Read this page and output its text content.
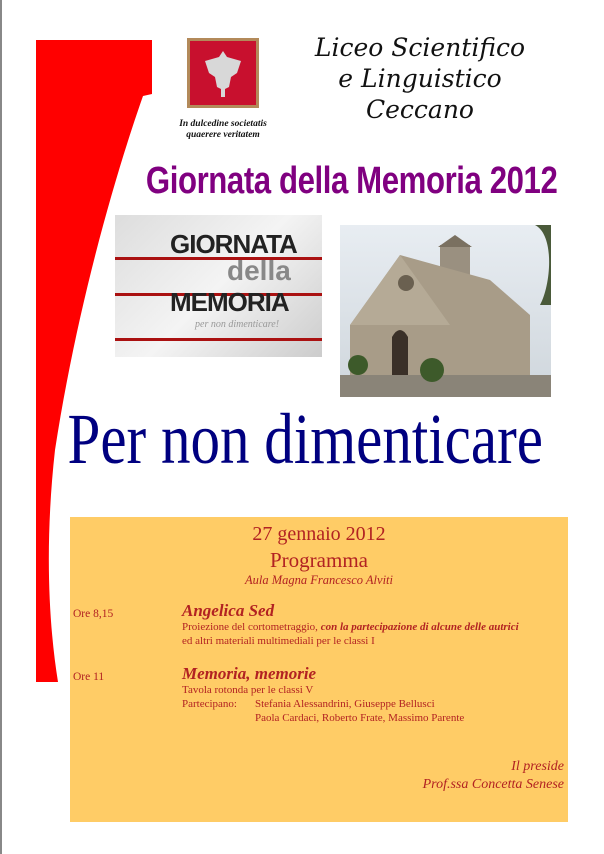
In dulcedine societatis
quaerere veritatem
Liceo Scientifico
e Linguistico
Ceccano
Giornata della Memoria 2012
GIORNATA
della
MEMORIA
per non dimenticare!
Per non dimenticare
27 gennaio 2012
Programma
Aula Magna Francesco Alviti
Ore 8,15	Angelica Sed
Proiezione del cortometraggio, con la partecipazione di alcune delle autrici
ed altri materiali multimediali per le classi I
Ore 11	Memoria, memorie
Tavola rotonda per le classi V
Partecipano: Stefania Alessandrini, Giuseppe Bellusci
Paola Cardaci, Roberto Frate, Massimo Parente
Il preside
Prof.ssa Concetta Senese
